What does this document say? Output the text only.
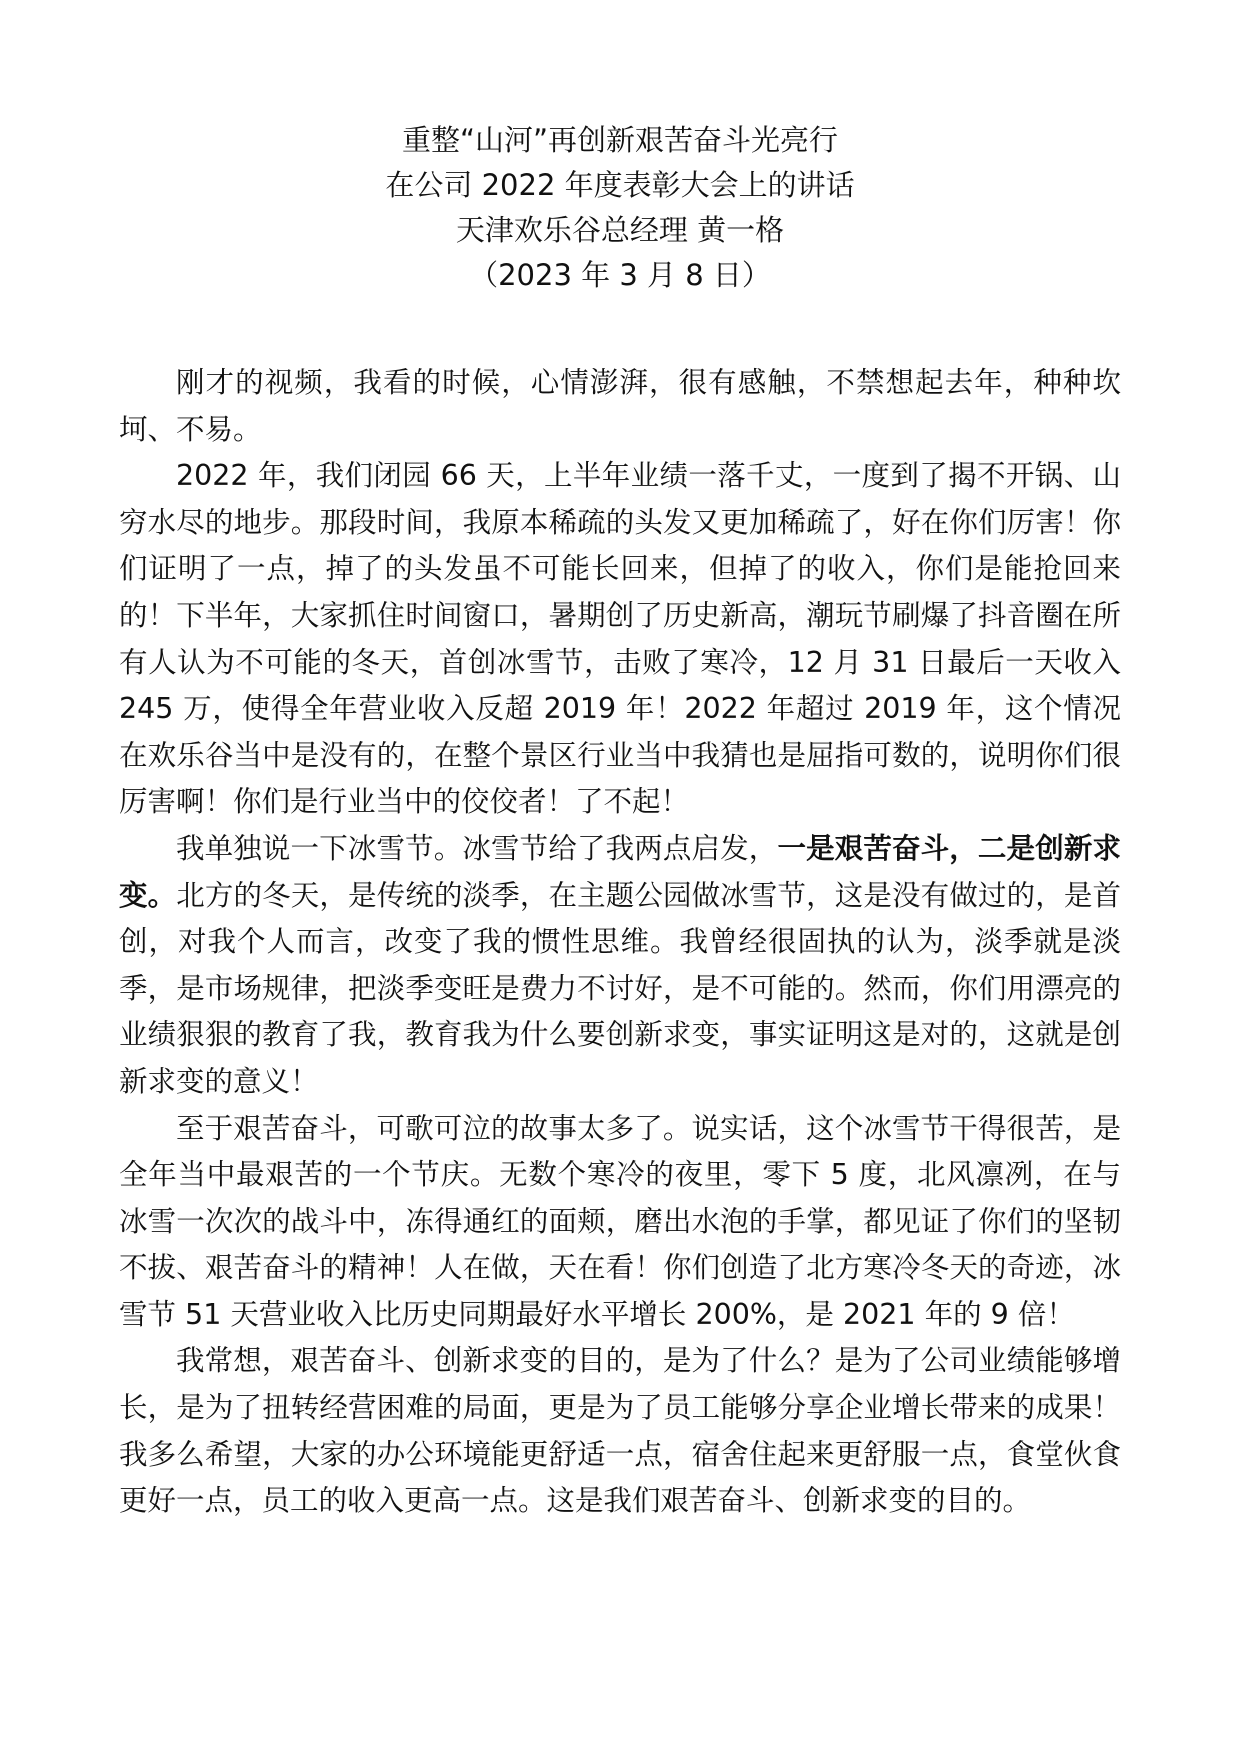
重整“山河”再创新艰苦奋斗光亮行
在公司 2022 年度表彰大会上的讲话
天津欢乐谷总经理 黄一格
（2023 年 3 月 8 日）

刚才的视频，我看的时候，心情澎湃，很有感触，不禁想起去年，种种坎坷、不易。

2022 年，我们闭园 66 天，上半年业绩一落千丈，一度到了揭不开锅、山穷水尽的地步。那段时间，我原本稀疏的头发又更加稀疏了，好在你们厉害！你们证明了一点，掉了的头发虽不可能长回来，但掉了的收入，你们是能抢回来的！下半年，大家抓住时间窗口，暑期创了历史新高，潮玩节刷爆了抖音圈在所有人认为不可能的冬天，首创冰雪节，击败了寒冷，12 月 31 日最后一天收入 245 万，使得全年营业收入反超 2019 年！2022 年超过 2019 年，这个情况在欢乐谷当中是没有的，在整个景区行业当中我猜也是屈指可数的，说明你们很厉害啊！你们是行业当中的佼佼者！了不起！

我单独说一下冰雪节。冰雪节给了我两点启发，一是艰苦奋斗，二是创新求变。北方的冬天，是传统的淡季，在主题公园做冰雪节，这是没有做过的，是首创，对我个人而言，改变了我的惯性思维。我曾经很固执的认为，淡季就是淡季，是市场规律，把淡季变旺是费力不讨好，是不可能的。然而，你们用漂亮的业绩狠狠的教育了我，教育我为什么要创新求变，事实证明这是对的，这就是创新求变的意义！

至于艰苦奋斗，可歌可泣的故事太多了。说实话，这个冰雪节干得很苦，是全年当中最艰苦的一个节庆。无数个寒冷的夜里，零下 5 度，北风凛冽，在与冰雪一次次的战斗中，冻得通红的面颊，磨出水泡的手掌，都见证了你们的坚韧不拔、艰苦奋斗的精神！人在做，天在看！你们创造了北方寒冷冬天的奇迹，冰雪节 51 天营业收入比历史同期最好水平增长 200%，是 2021 年的 9 倍！

我常想，艰苦奋斗、创新求变的目的，是为了什么？是为了公司业绩能够增长，是为了扭转经营困难的局面，更是为了员工能够分享企业增长带来的成果！我多么希望，大家的办公环境能更舒适一点，宿舍住起来更舒服一点，食堂伙食更好一点，员工的收入更高一点。这是我们艰苦奋斗、创新求变的目的。
